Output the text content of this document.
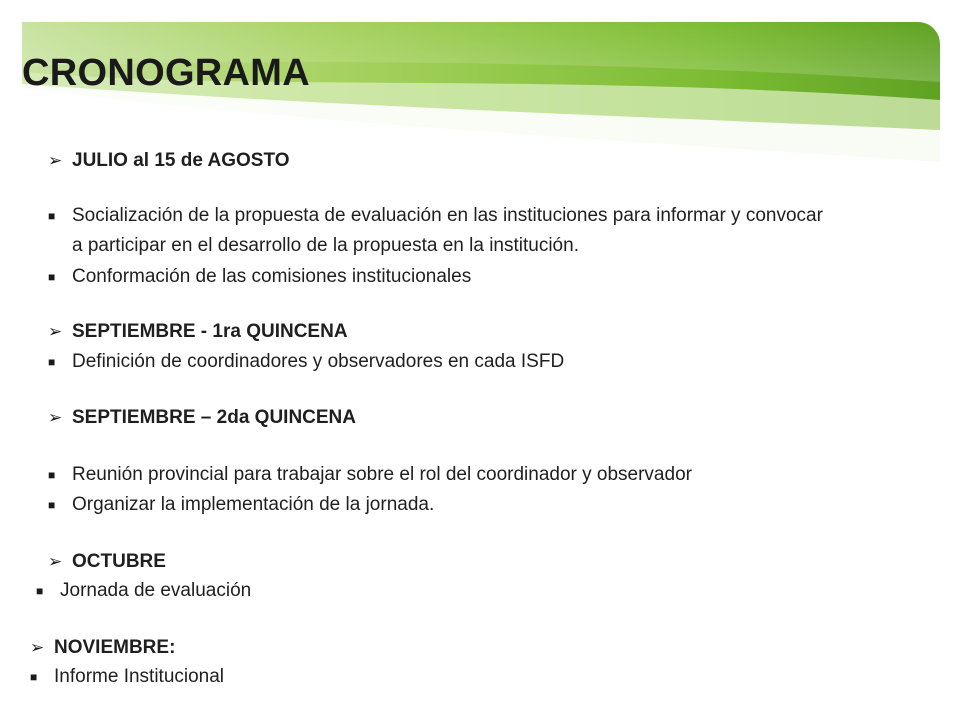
CRONOGRAMA
➢ JULIO al 15 de AGOSTO
■ Socialización de la propuesta de evaluación en las instituciones para informar y convocar
a participar en el desarrollo de la propuesta en la institución.
■ Conformación de las comisiones institucionales
➢ SEPTIEMBRE - 1ra QUINCENA
■ Definición de coordinadores y observadores en cada ISFD
➢ SEPTIEMBRE – 2da QUINCENA
■ Reunión provincial para trabajar sobre el rol del coordinador y observador
■ Organizar la implementación de la jornada.
➢ OCTUBRE
■ Jornada de evaluación
➢ NOVIEMBRE:
■ Informe Institucional
